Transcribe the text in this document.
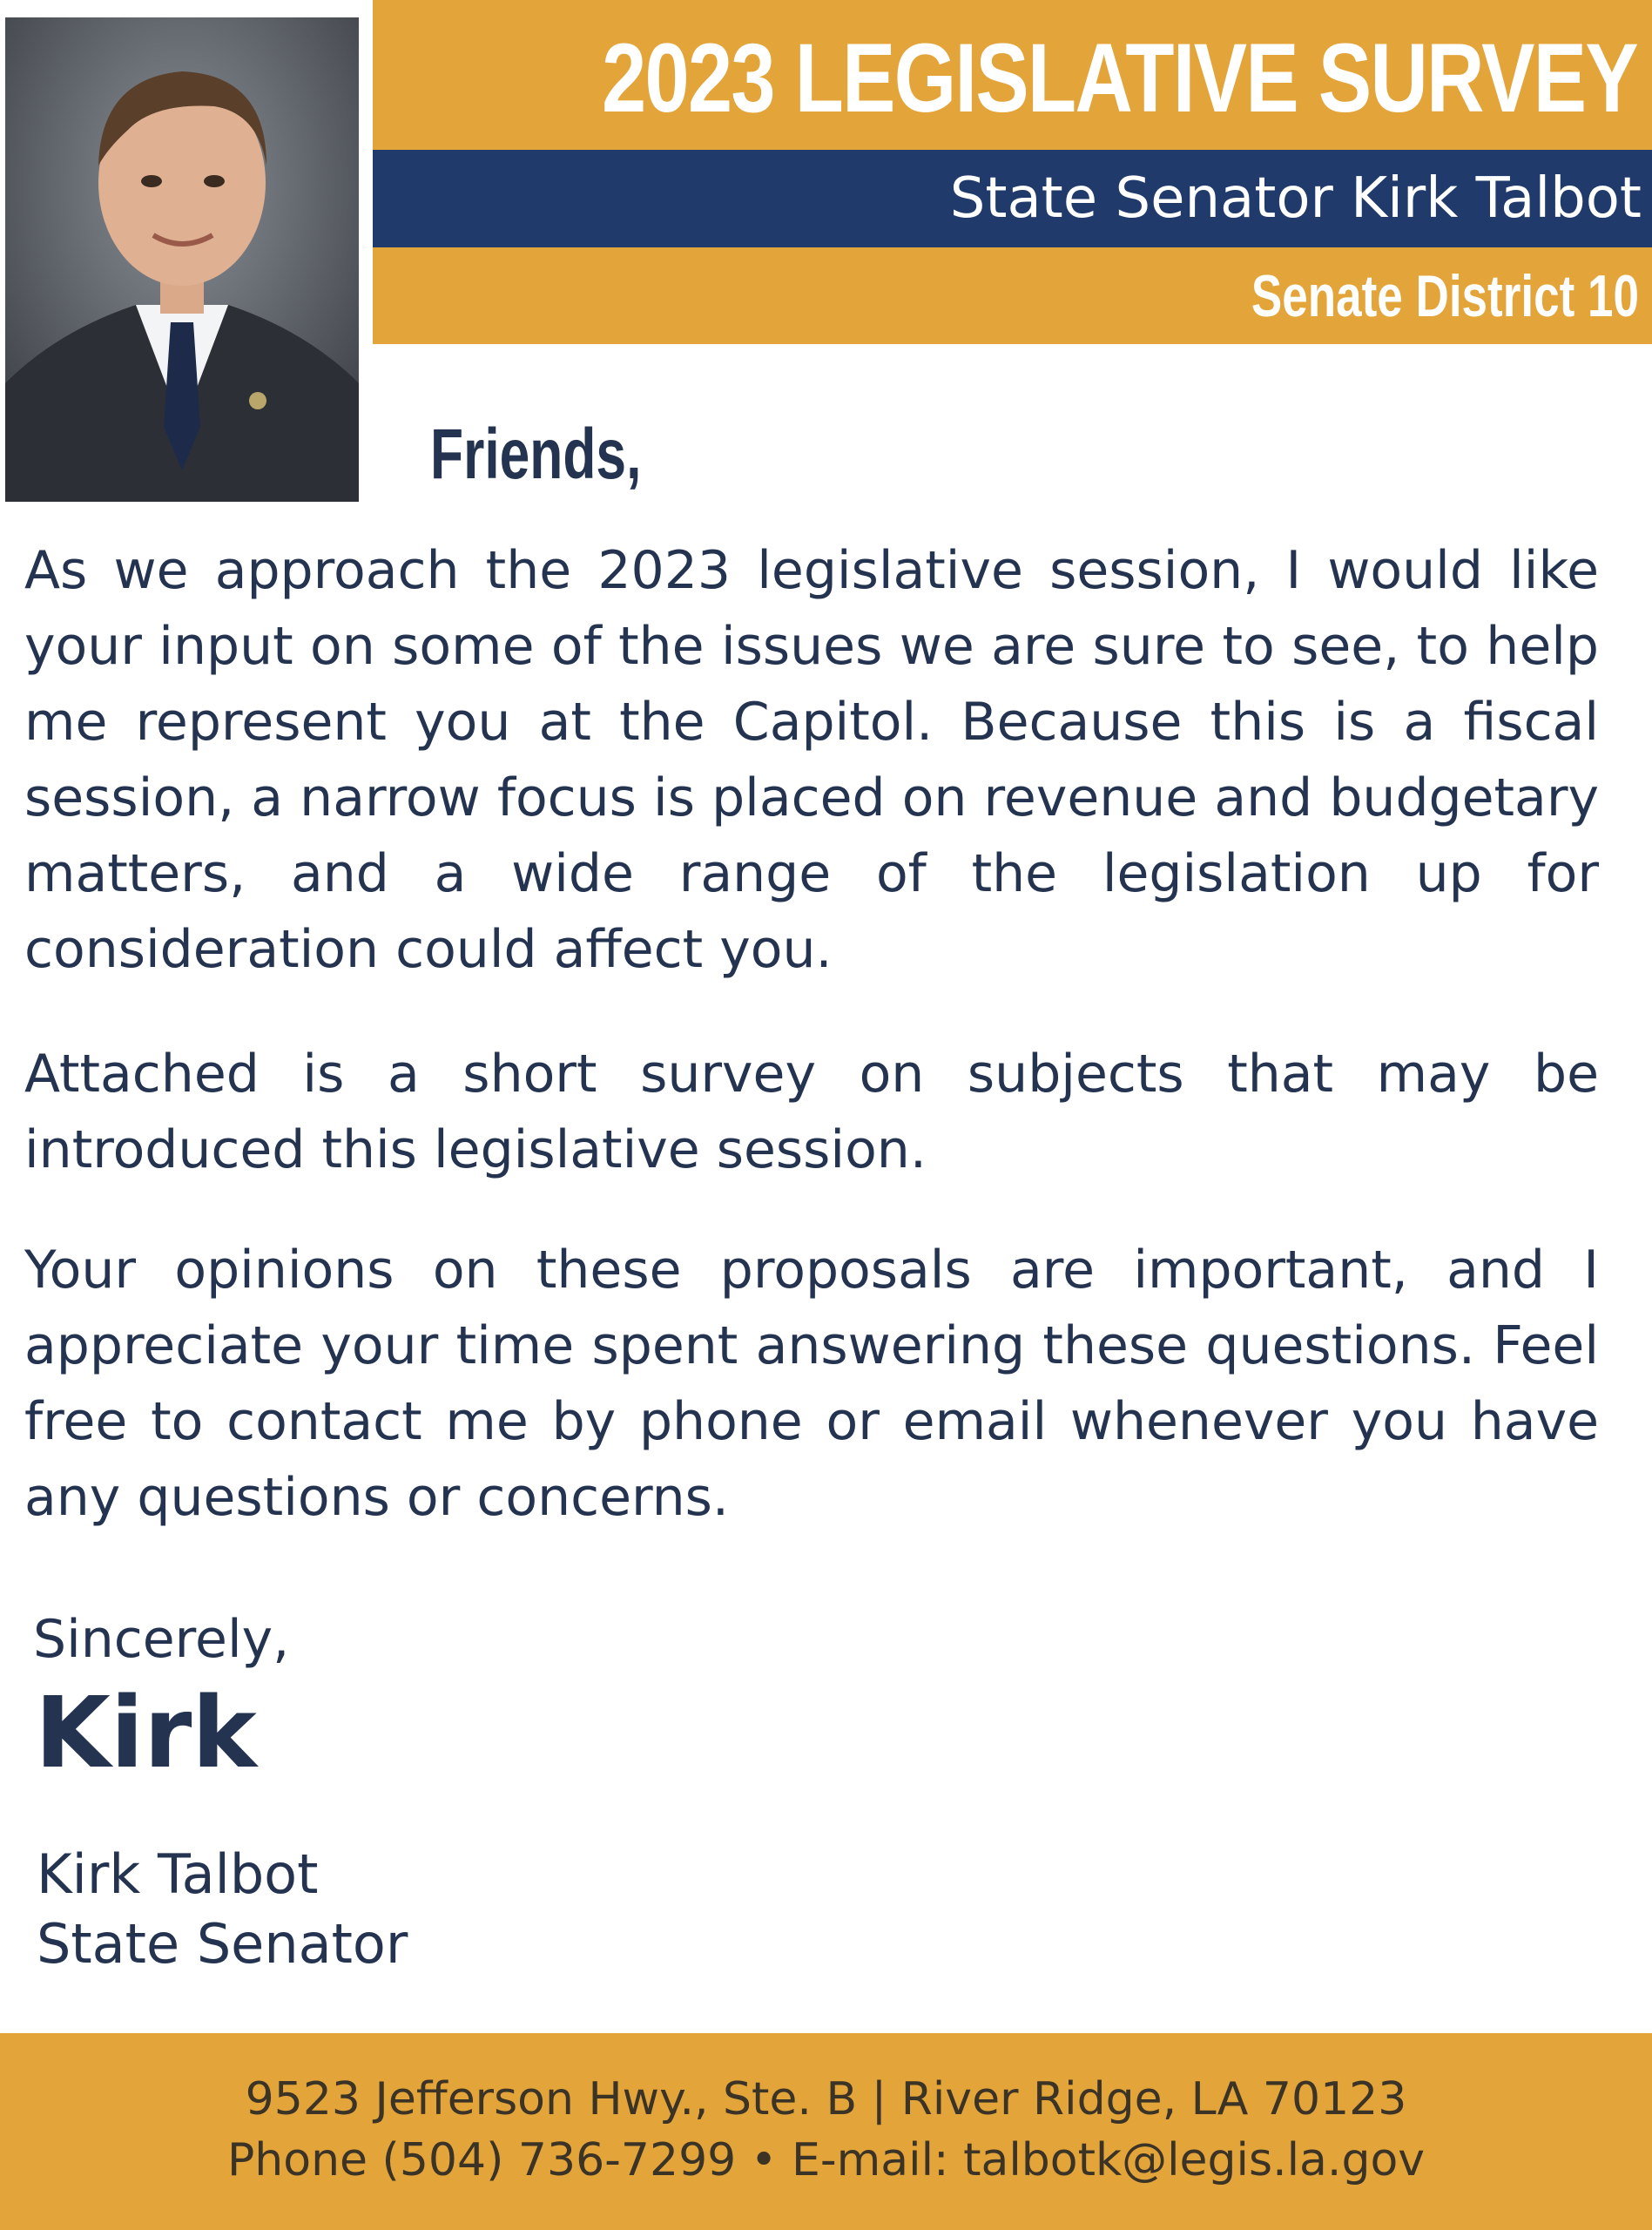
2023 LEGISLATIVE SURVEY
State Senator Kirk Talbot
Senate District 10
Friends,

As we approach the 2023 legislative session, I would like your input on some of the issues we are sure to see, to help me represent you at the Capitol. Because this is a fiscal session, a narrow focus is placed on revenue and budgetary matters, and a wide range of the legislation up for consideration could affect you.

Attached is a short survey on subjects that may be introduced this legislative session.

Your opinions on these proposals are important, and I appreciate your time spent answering these questions. Feel free to contact me by phone or email whenever you have any questions or concerns.

Sincerely,
Kirk
Kirk Talbot
State Senator
9523 Jefferson Hwy., Ste. B | River Ridge, LA 70123
Phone (504) 736-7299 • E-mail: talbotk@legis.la.gov
